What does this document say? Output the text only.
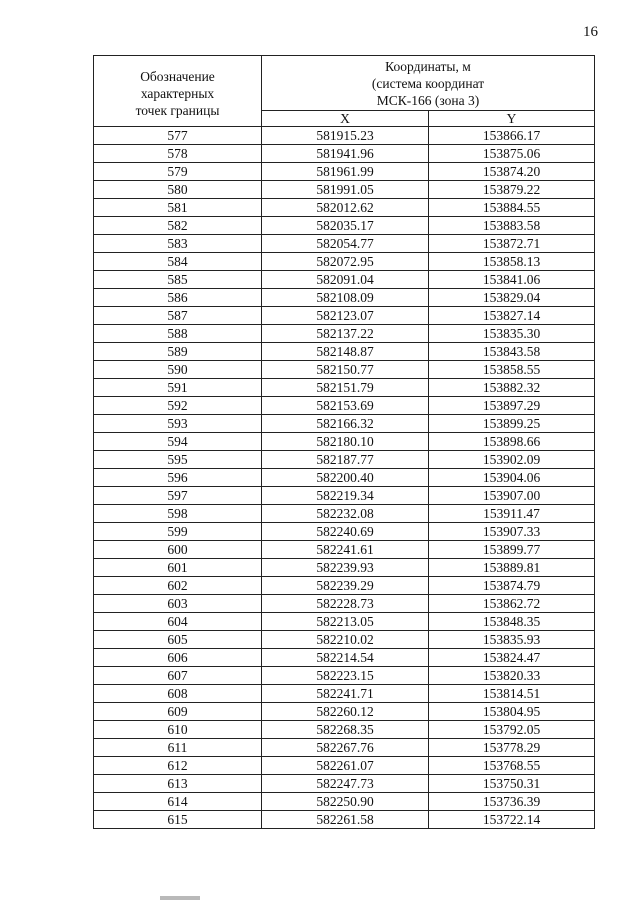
16
Обозначение
характерных
точек границы	Координаты, м
(система координат
МСК-166 (зона 3)	

	X	Y
577	581915.23	153866.17
578	581941.96	153875.06
579	581961.99	153874.20
580	581991.05	153879.22
581	582012.62	153884.55
582	582035.17	153883.58
583	582054.77	153872.71
584	582072.95	153858.13
585	582091.04	153841.06
586	582108.09	153829.04
587	582123.07	153827.14
588	582137.22	153835.30
589	582148.87	153843.58
590	582150.77	153858.55
591	582151.79	153882.32
592	582153.69	153897.29
593	582166.32	153899.25
594	582180.10	153898.66
595	582187.77	153902.09
596	582200.40	153904.06
597	582219.34	153907.00
598	582232.08	153911.47
599	582240.69	153907.33
600	582241.61	153899.77
601	582239.93	153889.81
602	582239.29	153874.79
603	582228.73	153862.72
604	582213.05	153848.35
605	582210.02	153835.93
606	582214.54	153824.47
607	582223.15	153820.33
608	582241.71	153814.51
609	582260.12	153804.95
610	582268.35	153792.05
611	582267.76	153778.29
612	582261.07	153768.55
613	582247.73	153750.31
614	582250.90	153736.39
615	582261.58	153722.14
